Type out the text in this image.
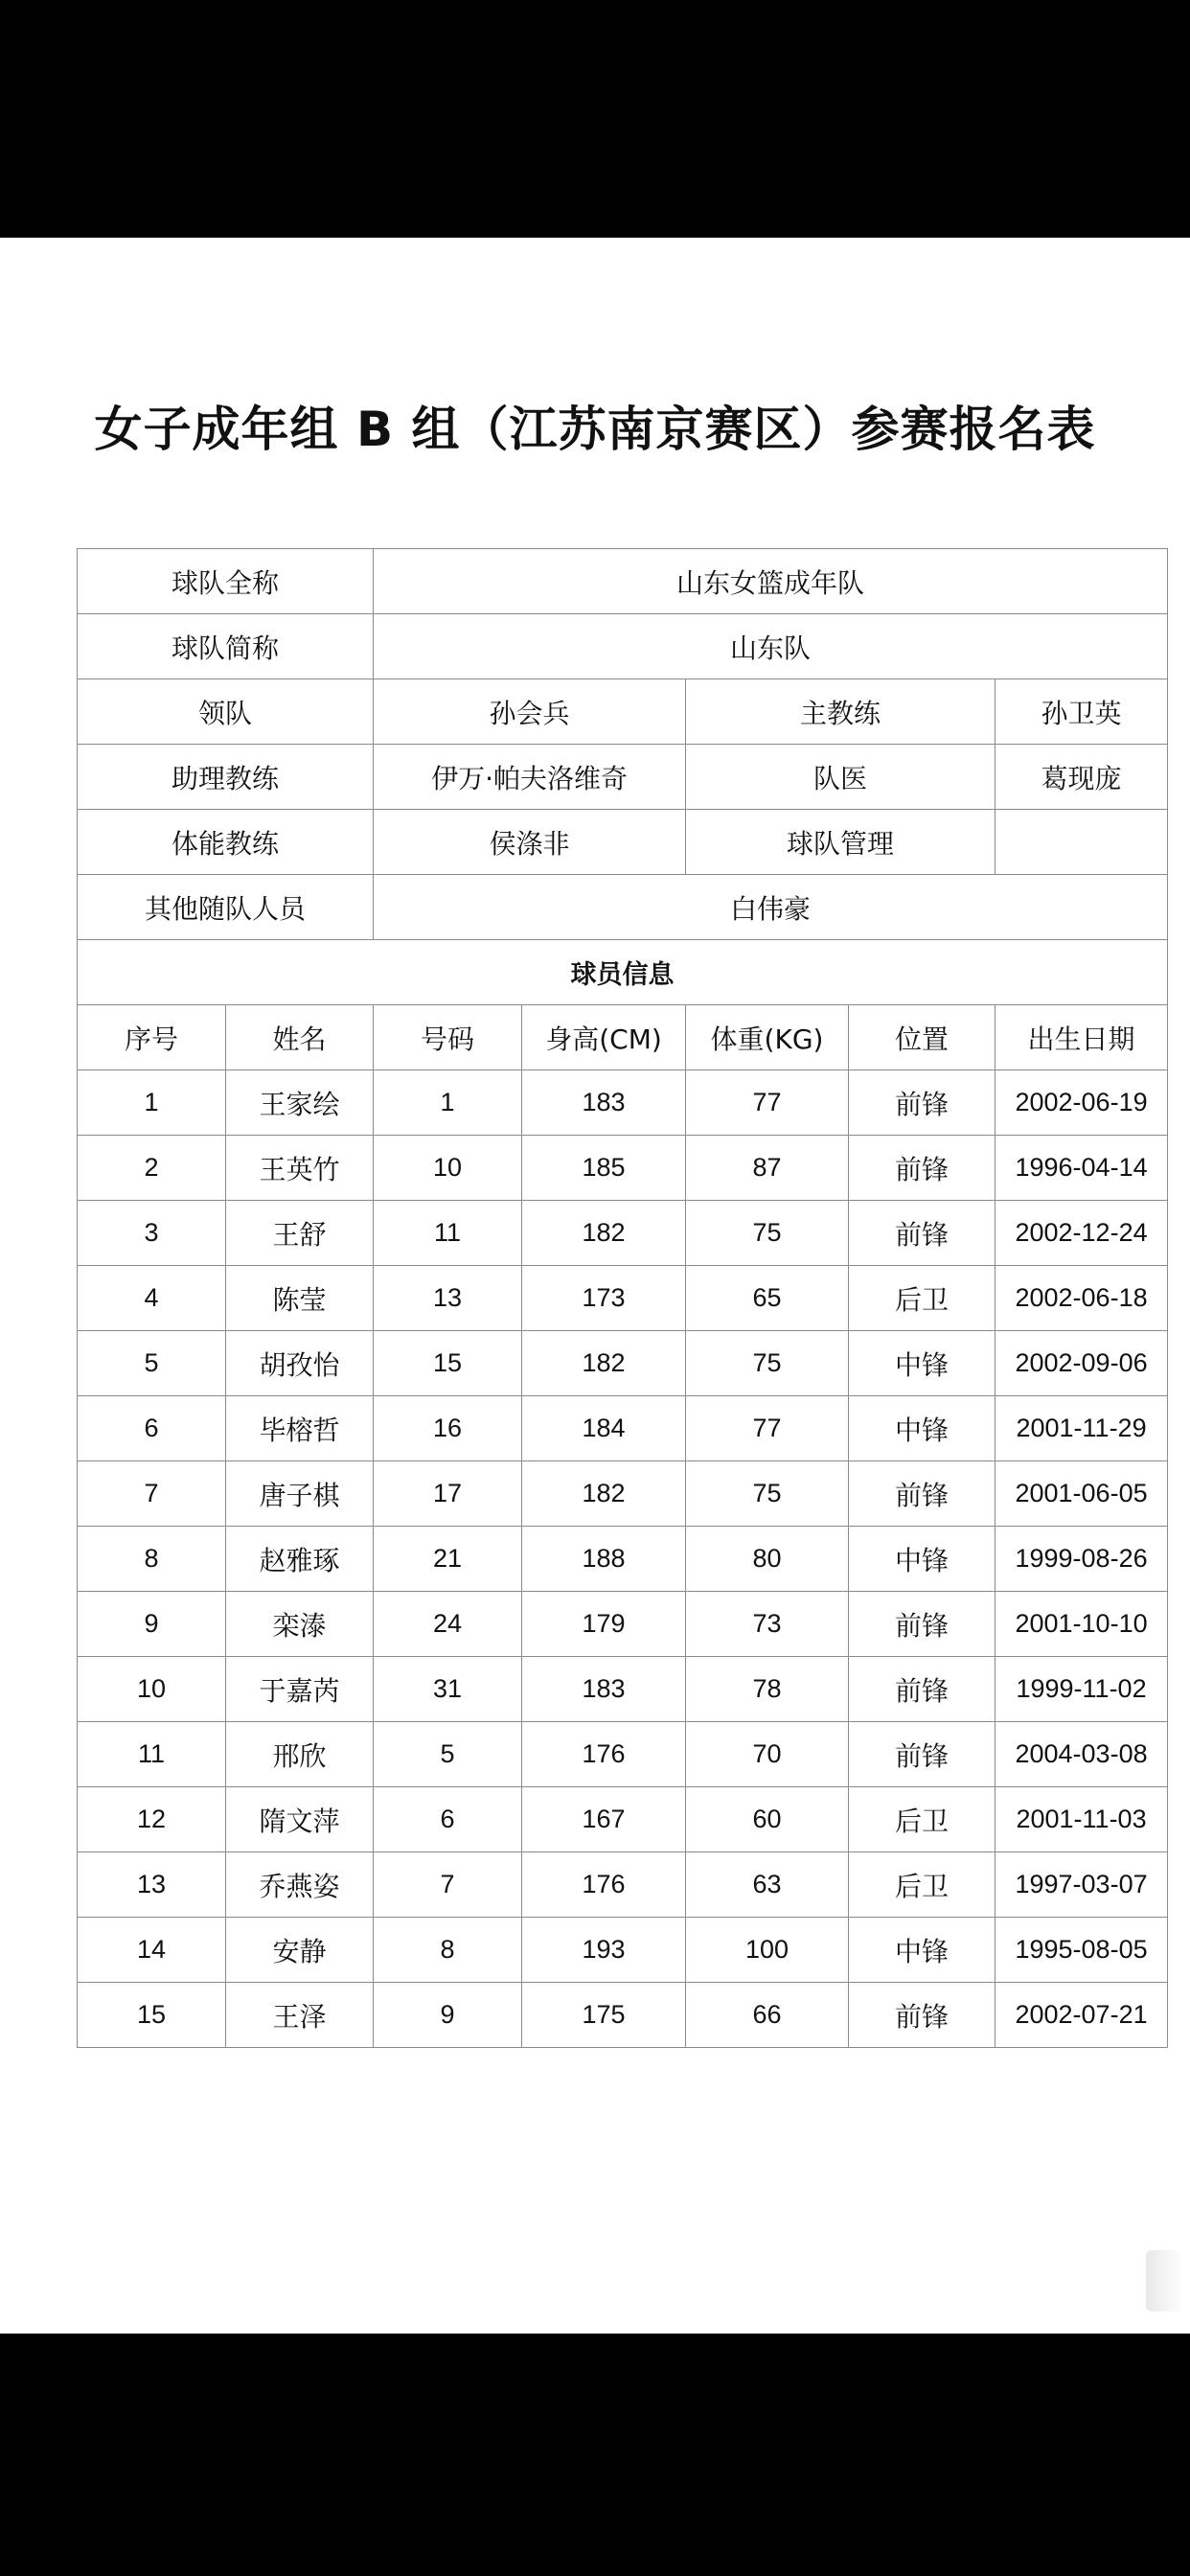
女子成年组 B 组（江苏南京赛区）参赛报名表
球队全称		山东女篮成年队				
球队简称		山东队				
领队		孙会兵		主教练		孙卫英
助理教练		伊万·帕夫洛维奇		队医		葛现庞
体能教练		侯涤非		球队管理		
其他随队人员		白伟豪				
球员信息						
序号	姓名	号码	身高(CM)	体重(KG)	位置	出生日期
1	王家绘	1	183	77	前锋	2002-06-19
2	王英竹	10	185	87	前锋	1996-04-14
3	王舒	11	182	75	前锋	2002-12-24
4	陈莹	13	173	65	后卫	2002-06-18
5	胡孜怡	15	182	75	中锋	2002-09-06
6	毕榕哲	16	184	77	中锋	2001-11-29
7	唐子棋	17	182	75	前锋	2001-06-05
8	赵雅琢	21	188	80	中锋	1999-08-26
9	栾溙	24	179	73	前锋	2001-10-10
10	于嘉芮	31	183	78	前锋	1999-11-02
11	邢欣	5	176	70	前锋	2004-03-08
12	隋文萍	6	167	60	后卫	2001-11-03
13	乔燕姿	7	176	63	后卫	1997-03-07
14	安静	8	193	100	中锋	1995-08-05
15	王泽	9	175	66	前锋	2002-07-21
